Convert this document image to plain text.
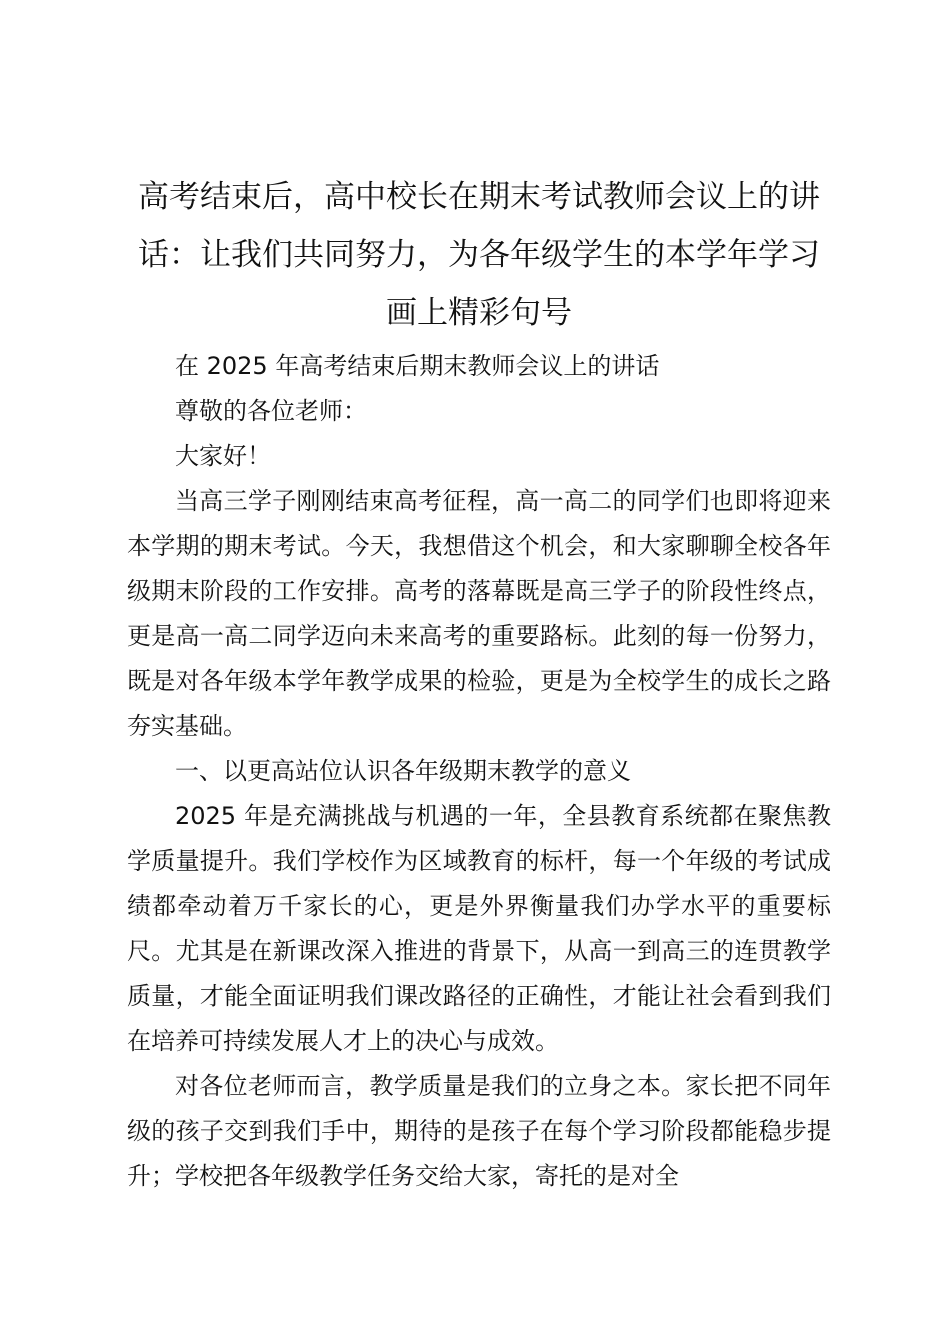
高考结束后，高中校长在期末考试教师会议上的讲话：让我们共同努力，为各年级学生的本学年学习画上精彩句号

在 2025 年高考结束后期末教师会议上的讲话

尊敬的各位老师：

大家好！

当高三学子刚刚结束高考征程，高一高二的同学们也即将迎来本学期的期末考试。今天，我想借这个机会，和大家聊聊全校各年级期末阶段的工作安排。高考的落幕既是高三学子的阶段性终点，更是高一高二同学迈向未来高考的重要路标。此刻的每一份努力，既是对各年级本学年教学成果的检验，更是为全校学生的成长之路夯实基础。

一、以更高站位认识各年级期末教学的意义

2025 年是充满挑战与机遇的一年，全县教育系统都在聚焦教学质量提升。我们学校作为区域教育的标杆，每一个年级的考试成绩都牵动着万千家长的心，更是外界衡量我们办学水平的重要标尺。尤其是在新课改深入推进的背景下，从高一到高三的连贯教学质量，才能全面证明我们课改路径的正确性，才能让社会看到我们在培养可持续发展人才上的决心与成效。

对各位老师而言，教学质量是我们的立身之本。家长把不同年级的孩子交到我们手中，期待的是孩子在每个学习阶段都能稳步提升；学校把各年级教学任务交给大家，寄托的是对全
